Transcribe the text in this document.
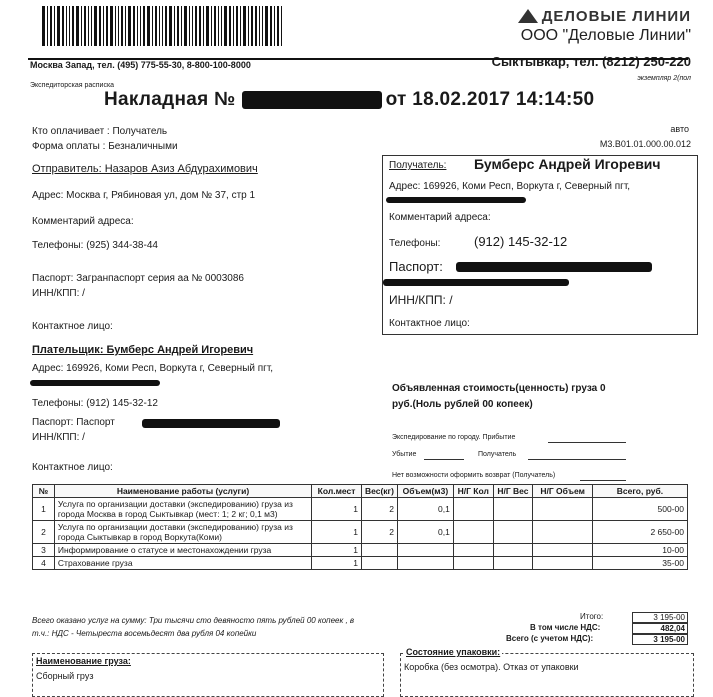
ДЕЛОВЫЕ ЛИНИИ
ООО "Деловые Линии"
Сыктывкар, тел. (8212) 250-220
Москва Запад, тел. (495) 775-55-30, 8-800-100-8000
экземпляр 2(пол
Экспедиторская расписка
Накладная №	от 18.02.2017 14:14:50
Кто оплачивает : Получатель
Форма оплаты : Безналичными
авто
М3.В01.01.000.00.012
Отправитель: Назаров Азиз Абдурахимович
Адрес: Москва г, Рябиновая ул, дом № 37, стр 1
Комментарий адреса:
Телефоны: (925) 344-38-44
Паспорт: Загранпаспорт серия аа № 0003086
ИНН/КПП: /
Контактное лицо:
Получатель: Бумберс Андрей Игоревич
Адрес: 169926, Коми Респ, Воркута г, Северный пгт,
Комментарий адреса:
Телефоны:	(912) 145-32-12
Паспорт:
ИНН/КПП: /
Контактное лицо:
Плательщик: Бумберс Андрей Игоревич
Адрес: 169926, Коми Респ, Воркута г, Северный пгт,
Телефоны: (912) 145-32-12
Паспорт: Паспорт
ИНН/КПП: /
Контактное лицо:
Объявленная стоимость(ценность) груза 0
руб.(Ноль рублей 00 копеек)
Экспедирование по городу. Прибытие
Убытие	Получатель
Нет возможности оформить возврат (Получатель)
№	Наименование работы (услуги)	Кол.мест	Вес(кг)	Объем(м3)	Н/Г Кол	Н/Г Вес	Н/Г Объем	Всего, руб.
1	Услуга по организации доставки (экспедированию) груза из города Москва в город Сыктывкар (мест: 1; 2 кг; 0,1 м3)	1	2	0,1				500-00
2	Услуга по организации доставки (экспедированию) груза из города Сыктывкар в город Воркута(Коми)	1	2	0,1				2 650-00
3	Информирование о статусе и местонахождении груза	1						10-00
4	Страхование груза	1						35-00
Итого:	3 195-00
В том числе НДС:	482,04
Всего (с учетом НДС):	3 195-00
Всего оказано услуг на сумму: Три тысячи сто девяносто пять рублей 00 копеек , в
т.ч.: НДС - Четыреста восемьдесят два рубля 04 копейки
Наименование груза:
Сборный груз
Состояние упаковки:
Коробка (без осмотра). Отказ от упаковки
